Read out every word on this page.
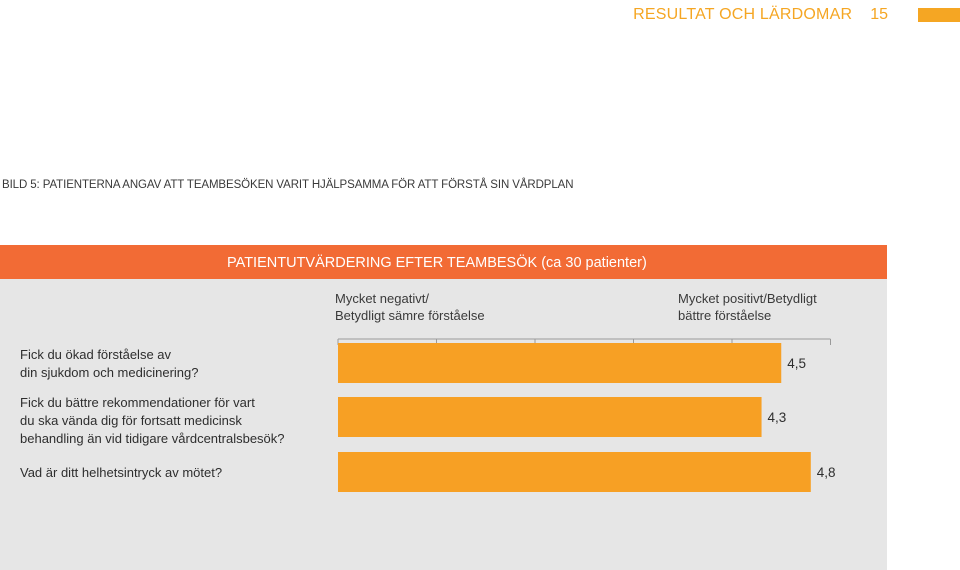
RESULTAT OCH LÄRDOMAR 15
BILD 5: PATIENTERNA ANGAV ATT TEAMBESÖKEN VARIT HJÄLPSAMMA FÖR ATT FÖRSTÅ SIN VÅRDPLAN
PATIENTUTVÄRDERING EFTER TEAMBESÖK (ca 30 patienter)
Mycket negativt/
Betydligt sämre förståelse
Mycket positivt/Betydligt
bättre förståelse
Fick du ökad förståelse av
din sjukdom och medicinering?
Fick du bättre rekommendationer för vart
du ska vända dig för fortsatt medicinsk
behandling än vid tidigare vårdcentralsbesök?
Vad är ditt helhetsintryck av mötet?
4,5
4,3
4,8
